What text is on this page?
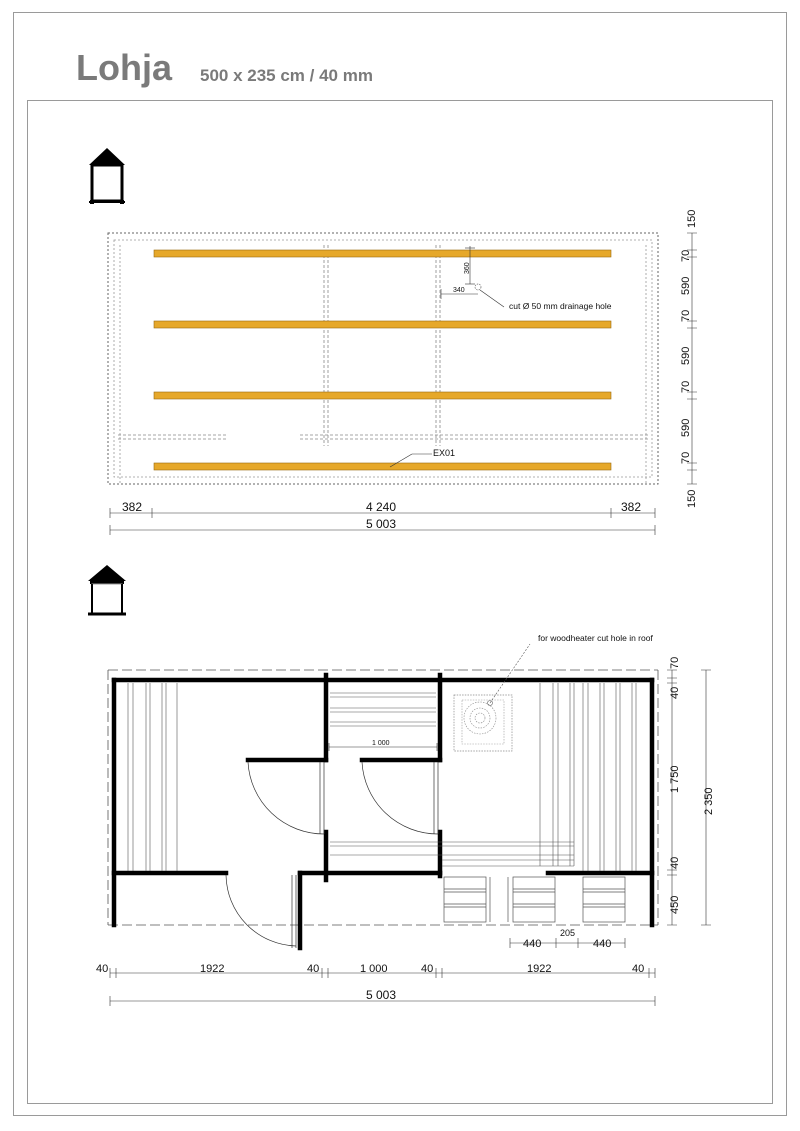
Lohja 500 x 235 cm / 40 mm
360
340
cut Ø 50 mm drainage hole
EX01
382	4 240	382
5 003
150
70
590
70
590
70
590
70
150
1 000
for woodheater cut hole in roof
440
205
440
70
40
1 750
40
450
2 350
40	1922	40	1 000	40	1922	40
5 003
